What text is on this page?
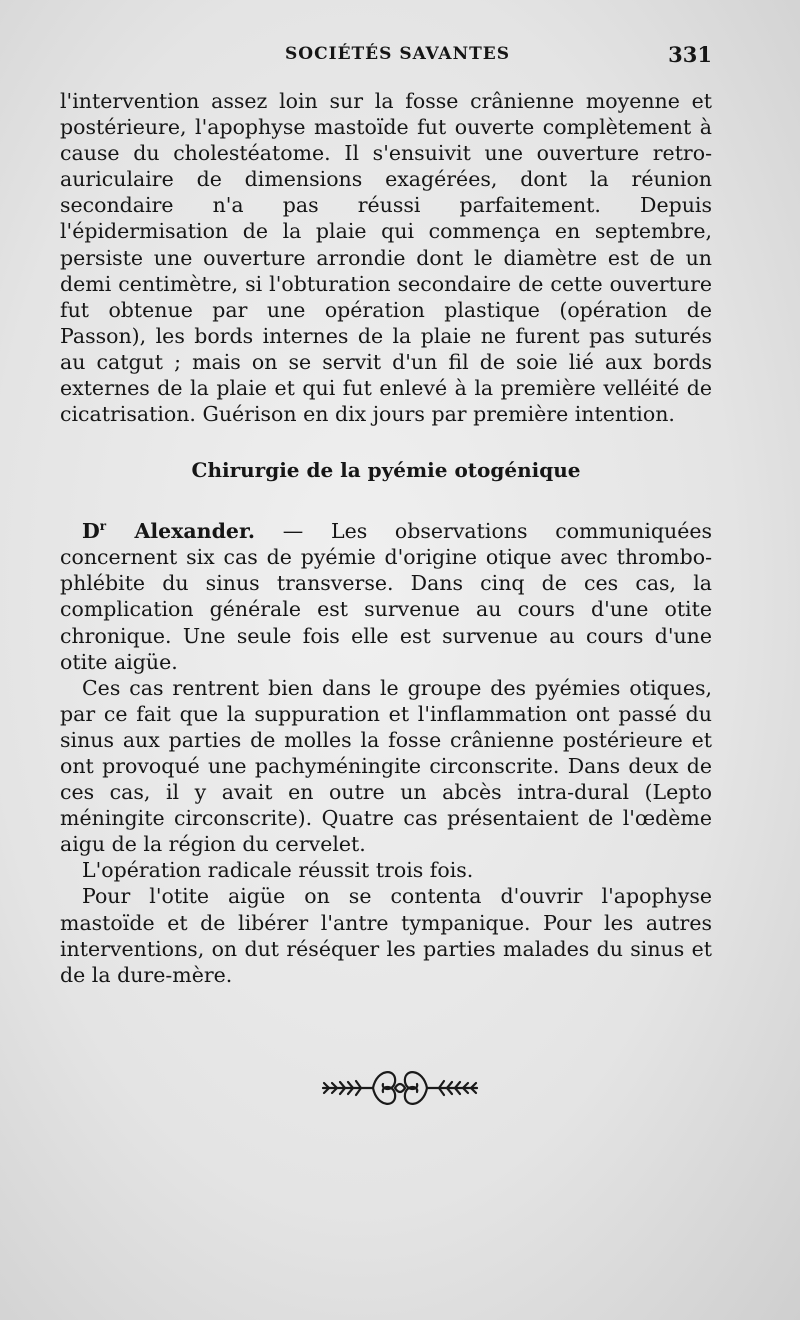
SOCIÉTÉS SAVANTES	331

l'intervention assez loin sur la fosse crânienne moyenne et postérieure, l'apophyse mastoïde fut ouverte complètement à cause du cholestéatome. Il s'ensuivit une ouverture retro-auriculaire de dimensions exagérées, dont la réunion secondaire n'a pas réussi parfaitement. Depuis l'épidermisation de la plaie qui commença en septembre, persiste une ouverture arrondie dont le diamètre est de un demi centimètre, si l'obturation secondaire de cette ouverture fut obtenue par une opération plastique (opération de Passon), les bords internes de la plaie ne furent pas suturés au catgut ; mais on se servit d'un fil de soie lié aux bords externes de la plaie et qui fut enlevé à la première velléité de cicatrisation. Guérison en dix jours par première intention.

Chirurgie de la pyémie otogénique

$D^r$ Alexander. — Les observations communiquées concernent six cas de pyémie d'origine otique avec thrombo-phlébite du sinus transverse. Dans cinq de ces cas, la complication générale est survenue au cours d'une otite chronique. Une seule fois elle est survenue au cours d'une otite aigüe.

Ces cas rentrent bien dans le groupe des pyémies otiques, par ce fait que la suppuration et l'inflammation ont passé du sinus aux parties de molles la fosse crânienne postérieure et ont provoqué une pachyméningite circonscrite. Dans deux de ces cas, il y avait en outre un abcès intra-dural (Lepto méningite circonscrite). Quatre cas présentaient de l'œdème aigu de la région du cervelet.

L'opération radicale réussit trois fois.

Pour l'otite aigüe on se contenta d'ouvrir l'apophyse mastoïde et de libérer l'antre tympanique. Pour les autres interventions, on dut réséquer les parties malades du sinus et de la dure-mère.
